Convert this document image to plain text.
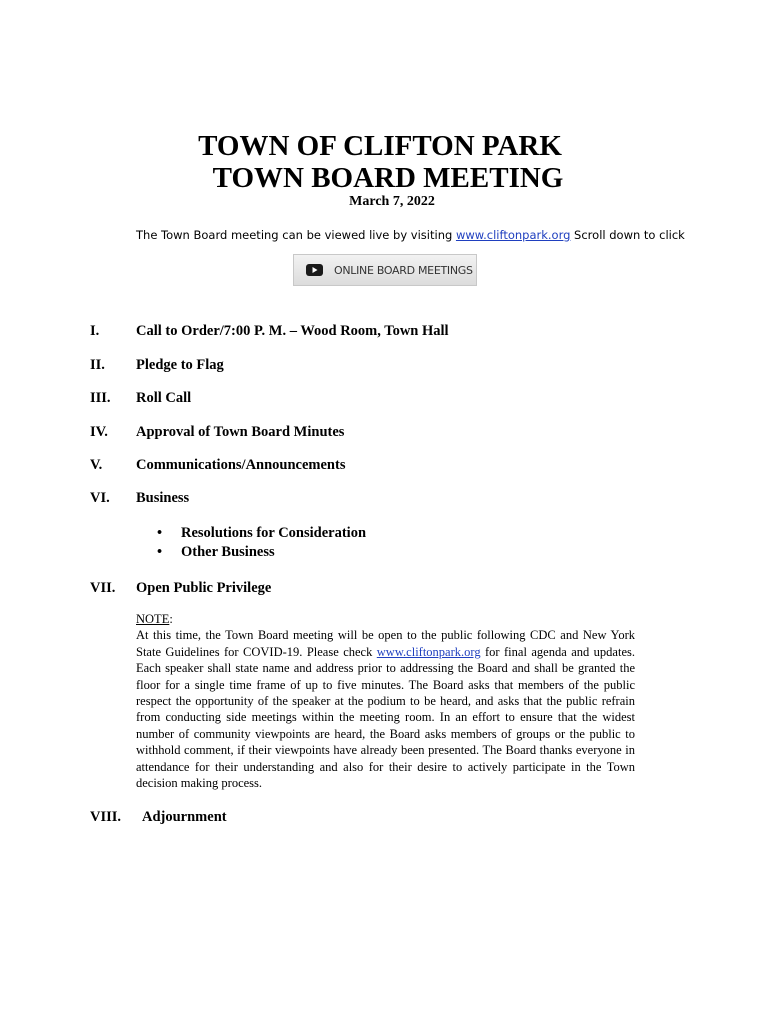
TOWN OF CLIFTON PARK
TOWN BOARD MEETING
March 7, 2022
The Town Board meeting can be viewed live by visiting www.cliftonpark.org Scroll down to click
ONLINE BOARD MEETINGS
I.	Call to Order/7:00 P. M. – Wood Room, Town Hall
II. Pledge to Flag
III. Roll Call
IV. Approval of Town Board Minutes
V. Communications/Announcements
VI. Business
• Resolutions for Consideration
• Other Business
VII. Open Public Privilege
NOTE:
At this time, the Town Board meeting will be open to the public following CDC and New York State Guidelines for COVID-19. Please check www.cliftonpark.org for final agenda and updates. Each speaker shall state name and address prior to addressing the Board and shall be granted the floor for a single time frame of up to five minutes. The Board asks that members of the public respect the opportunity of the speaker at the podium to be heard, and asks that the public refrain from conducting side meetings within the meeting room. In an effort to ensure that the widest number of community viewpoints are heard, the Board asks members of groups or the public to withhold comment, if their viewpoints have already been presented. The Board thanks everyone in attendance for their understanding and also for their desire to actively participate in the Town decision making process.
VIII. Adjournment
